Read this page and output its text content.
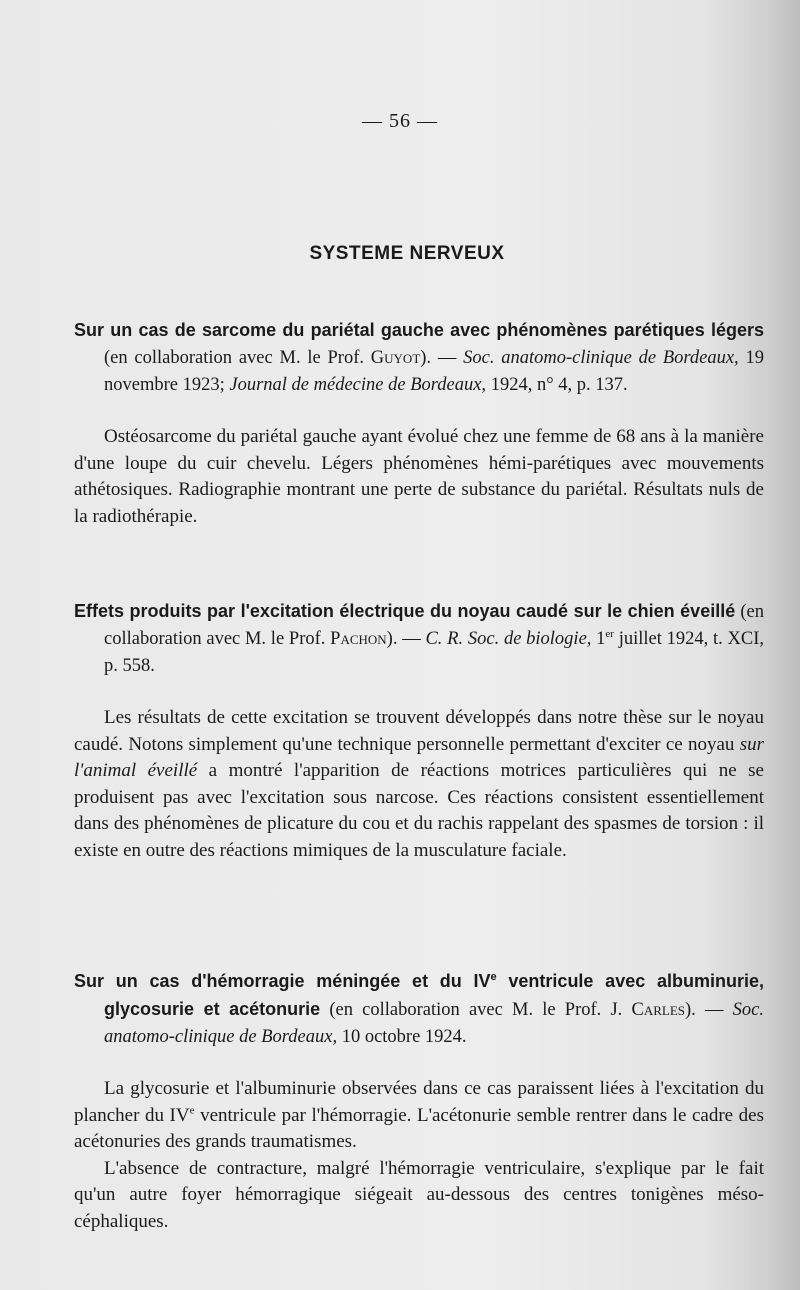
— 56 —
SYSTEME NERVEUX
Sur un cas de sarcome du pariétal gauche avec phénomènes parétiques légers (en collaboration avec M. le Prof. Guyot). — Soc. anatomo-clinique de Bordeaux, 19 novembre 1923; Journal de médecine de Bordeaux, 1924, n° 4, p. 137.

Ostéosarcome du pariétal gauche ayant évolué chez une femme de 68 ans à la manière d'une loupe du cuir chevelu. Légers phénomènes hémi-parétiques avec mouvements athétosiques. Radiographie montrant une perte de substance du pariétal. Résultats nuls de la radiothérapie.

Effets produits par l'excitation électrique du noyau caudé sur le chien éveillé (en collaboration avec M. le Prof. Pachon). — C. R. Soc. de biologie, 1er juillet 1924, t. XCI, p. 558.

Les résultats de cette excitation se trouvent développés dans notre thèse sur le noyau caudé. Notons simplement qu'une technique personnelle permettant d'exciter ce noyau sur l'animal éveillé a montré l'apparition de réactions motrices particulières qui ne se produisent pas avec l'excitation sous narcose. Ces réactions consistent essentiellement dans des phénomènes de plicature du cou et du rachis rappelant des spasmes de torsion : il existe en outre des réactions mimiques de la musculature faciale.

Sur un cas d'hémorragie méningée et du IVe ventricule avec albuminurie, glycosurie et acétonurie (en collaboration avec M. le Prof. J. Carles). — Soc. anatomo-clinique de Bordeaux, 10 octobre 1924.

La glycosurie et l'albuminurie observées dans ce cas paraissent liées à l'excitation du plancher du IVe ventricule par l'hémorragie. L'acétonurie semble rentrer dans le cadre des acétonuries des grands traumatismes.

L'absence de contracture, malgré l'hémorragie ventriculaire, s'explique par le fait qu'un autre foyer hémorragique siégeait au-dessous des centres tonigènes méso-céphaliques.
